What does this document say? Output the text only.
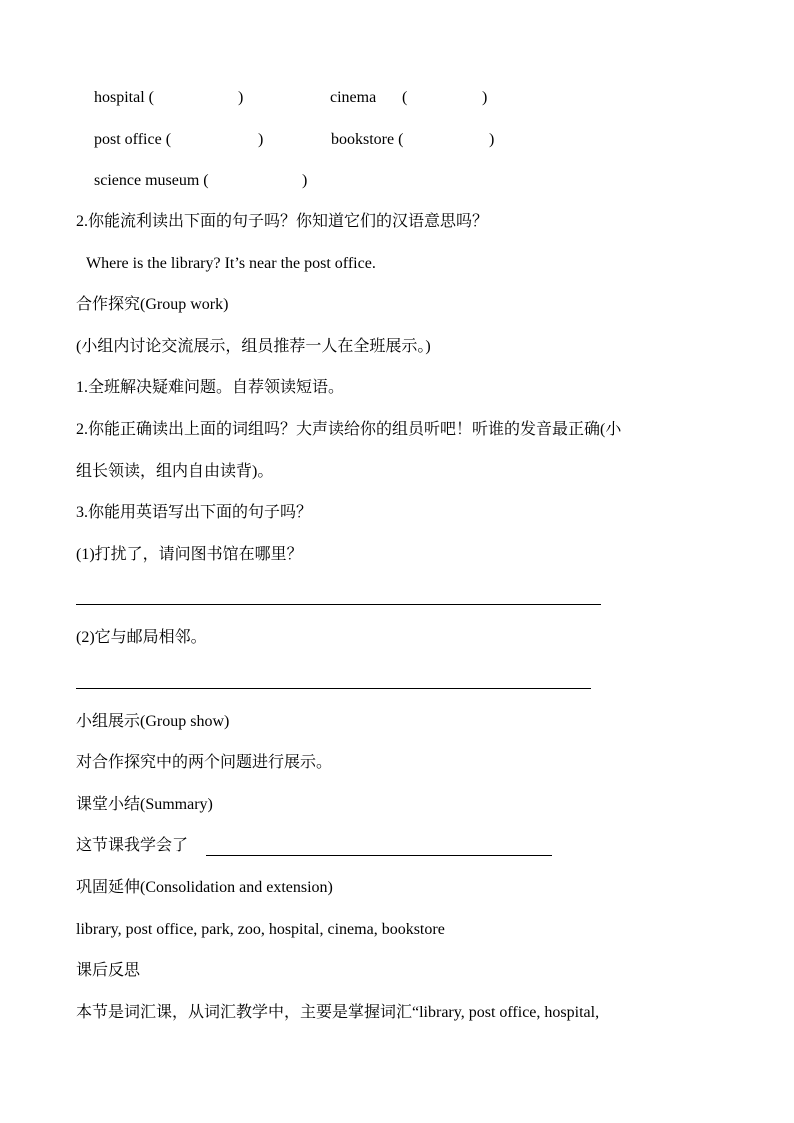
hospital (	)	cinema (	)
post office (	)	bookstore (	)
science museum (	)
2.你能流利读出下面的句子吗？你知道它们的汉语意思吗？
Where is the library? It’s near the post office.
合作探究(Group work)
(小组内讨论交流展示，组员推荐一人在全班展示。)
1.全班解决疑难问题。自荐领读短语。
2.你能正确读出上面的词组吗？大声读给你的组员听吧！听谁的发音最正确(小
组长领读，组内自由读背)。
3.你能用英语写出下面的句子吗？
(1)打扰了，请问图书馆在哪里？
(2)它与邮局相邻。
小组展示(Group show)
对合作探究中的两个问题进行展示。
课堂小结(Summary)
这节课我学会了
巩固延伸(Consolidation and extension)
library, post office, park, zoo, hospital, cinema, bookstore
课后反思
本节是词汇课，从词汇教学中，主要是掌握词汇“library, post office, hospital,
